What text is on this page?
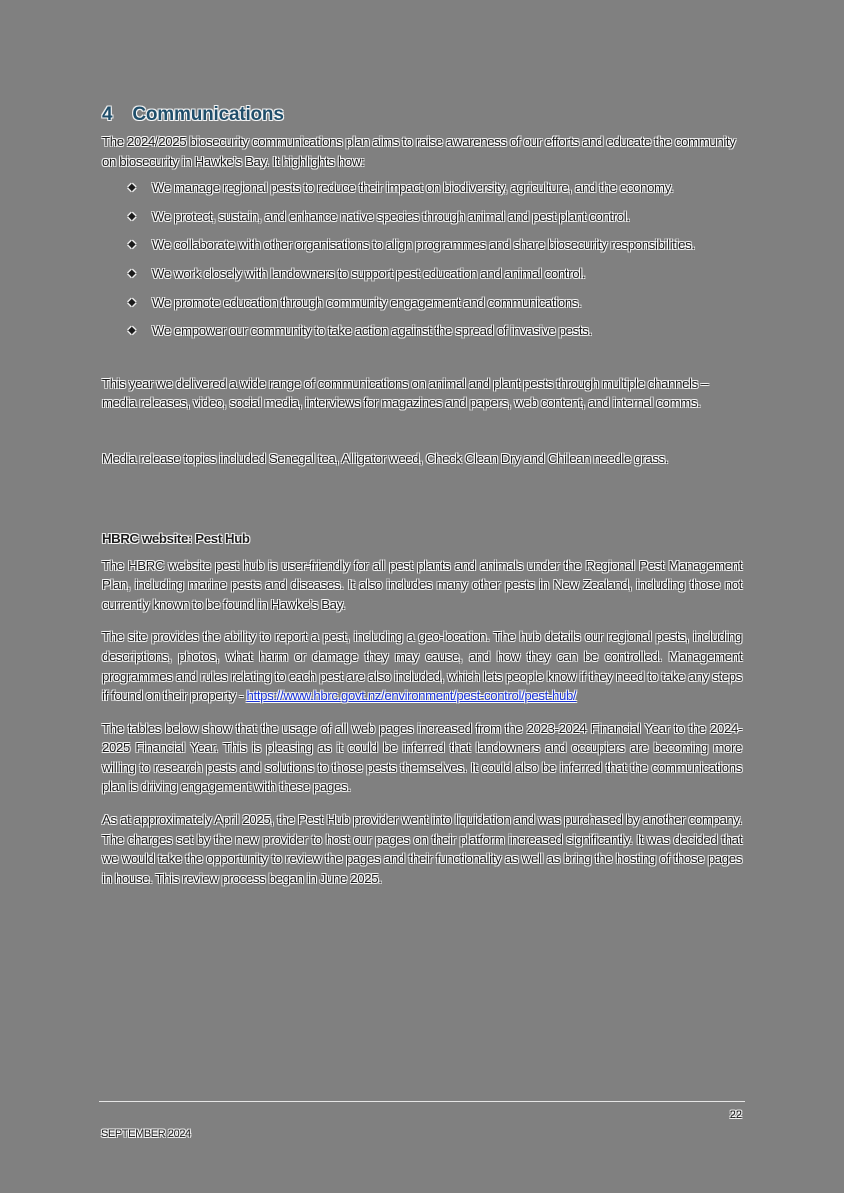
4 Communications

The 2024/2025 biosecurity communications plan aims to raise awareness of our efforts and educate the community on biosecurity in Hawke’s Bay. It highlights how:

◆ We manage regional pests to reduce their impact on biodiversity, agriculture, and the economy.
◆ We protect, sustain, and enhance native species through animal and pest plant control.
◆ We collaborate with other organisations to align programmes and share biosecurity responsibilities.
◆ We work closely with landowners to support pest education and animal control.
◆ We promote education through community engagement and communications.
◆ We empower our community to take action against the spread of invasive pests.

This year we delivered a wide range of communications on animal and plant pests through multiple channels – media releases, video, social media, interviews for magazines and papers, web content, and internal comms.

Media release topics included Senegal tea, Alligator weed, Check Clean Dry and Chilean needle grass.

HBRC website: Pest Hub

The HBRC website pest hub is user-friendly for all pest plants and animals under the Regional Pest Management Plan, including marine pests and diseases. It also includes many other pests in New Zealand, including those not currently known to be found in Hawke’s Bay.

The site provides the ability to report a pest, including a geo-location. The hub details our regional pests, including descriptions, photos, what harm or damage they may cause, and how they can be controlled. Management programmes and rules relating to each pest are also included, which lets people know if they need to take any steps if found on their property - https://www.hbrc.govt.nz/environment/pest-control/pest-hub/

The tables below show that the usage of all web pages increased from the 2023-2024 Financial Year to the 2024-2025 Financial Year. This is pleasing as it could be inferred that landowners and occupiers are becoming more willing to research pests and solutions to those pests themselves. It could also be inferred that the communications plan is driving engagement with these pages.

As at approximately April 2025, the Pest Hub provider went into liquidation and was purchased by another company. The charges set by the new provider to host our pages on their platform increased significantly. It was decided that we would take the opportunity to review the pages and their functionality as well as bring the hosting of those pages in house. This review process began in June 2025.

22
SEPTEMBER 2024
